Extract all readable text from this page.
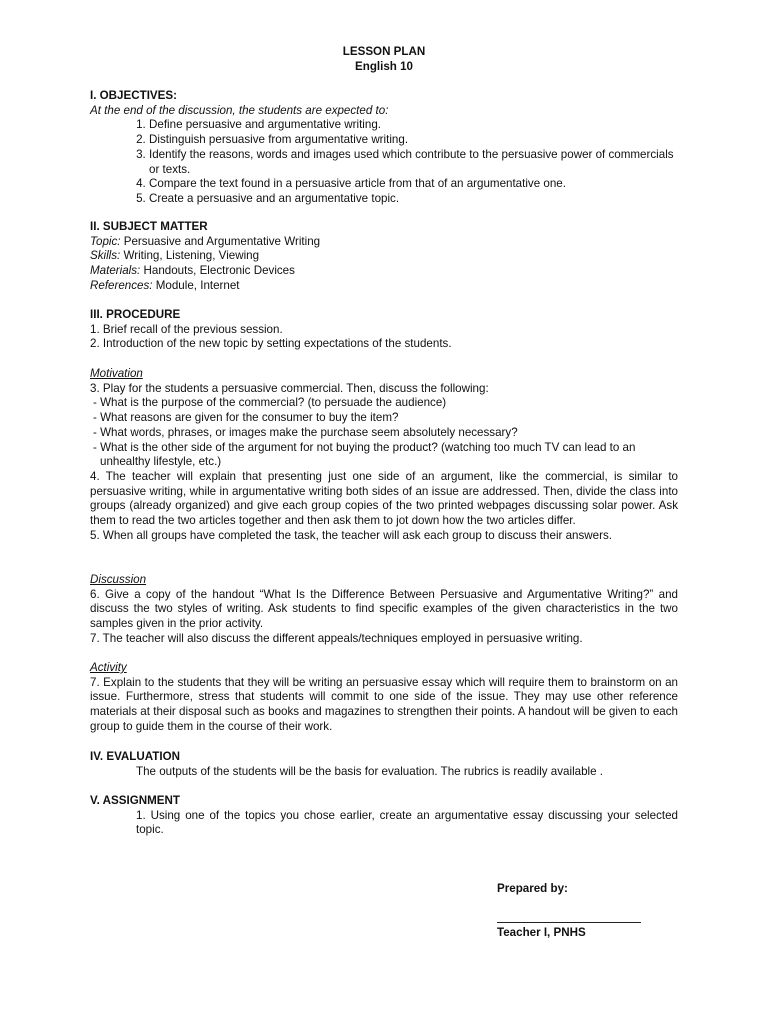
LESSON PLAN
English 10
I. OBJECTIVES:
At the end of the discussion, the students are expected to:
1. Define persuasive and argumentative writing.
2. Distinguish persuasive from argumentative writing.
3. Identify the reasons, words and images used which contribute to the persuasive power of commercials or texts.
4. Compare the text found in a persuasive article from that of an argumentative one.
5. Create a persuasive and an argumentative topic.
II. SUBJECT MATTER
Topic: Persuasive and Argumentative Writing
Skills: Writing, Listening, Viewing
Materials: Handouts, Electronic Devices
References: Module, Internet
III. PROCEDURE
1. Brief recall of the previous session.
2. Introduction of the new topic by setting expectations of the students.
Motivation
3. Play for the students a persuasive commercial. Then, discuss the following:
- What is the purpose of the commercial? (to persuade the audience)
- What reasons are given for the consumer to buy the item?
- What words, phrases, or images make the purchase seem absolutely necessary?
- What is the other side of the argument for not buying the product? (watching too much TV can lead to an unhealthy lifestyle, etc.)
4. The teacher will explain that presenting just one side of an argument, like the commercial, is similar to persuasive writing, while in argumentative writing both sides of an issue are addressed. Then, divide the class into groups (already organized) and give each group copies of the two printed webpages discussing solar power. Ask them to read the two articles together and then ask them to jot down how the two articles differ.
5. When all groups have completed the task, the teacher will ask each group to discuss their answers.
Discussion
6. Give a copy of the handout “What Is the Difference Between Persuasive and Argumentative Writing?” and discuss the two styles of writing. Ask students to find specific examples of the given characteristics in the two samples given in the prior activity.
7. The teacher will also discuss the different appeals/techniques employed in persuasive writing.
Activity
7. Explain to the students that they will be writing an persuasive essay which will require them to brainstorm on an issue. Furthermore, stress that students will commit to one side of the issue. They may use other reference materials at their disposal such as books and magazines to strengthen their points. A handout will be given to each group to guide them in the course of their work.
IV. EVALUATION
The outputs of the students will be the basis for evaluation. The rubrics is readily available .
V. ASSIGNMENT
1. Using one of the topics you chose earlier, create an argumentative essay discussing your selected topic.
Prepared by:
Teacher I, PNHS
